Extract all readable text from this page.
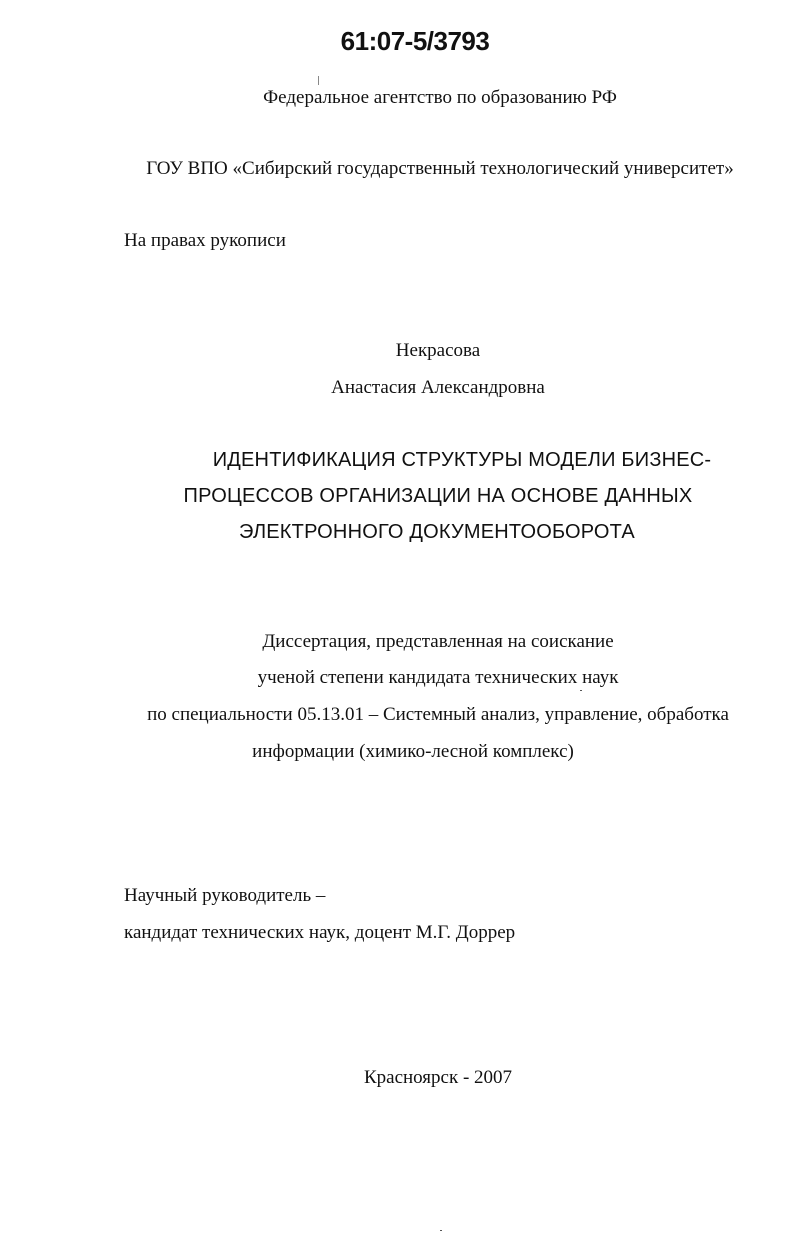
61:07-5/3793
Федеральное агентство по образованию РФ
ГОУ ВПО «Сибирский государственный технологический университет»
На правах рукописи
Некрасова
Анастасия Александровна
ИДЕНТИФИКАЦИЯ СТРУКТУРЫ МОДЕЛИ БИЗНЕС-
ПРОЦЕССОВ ОРГАНИЗАЦИИ НА ОСНОВЕ ДАННЫХ
ЭЛЕКТРОННОГО ДОКУМЕНТООБОРОТА
Диссертация, представленная на соискание
ученой степени кандидата технических наук
по специальности 05.13.01 – Системный анализ, управление, обработка
информации (химико-лесной комплекс)
Научный руководитель –
кандидат технических наук, доцент М.Г. Доррер
Красноярск - 2007
